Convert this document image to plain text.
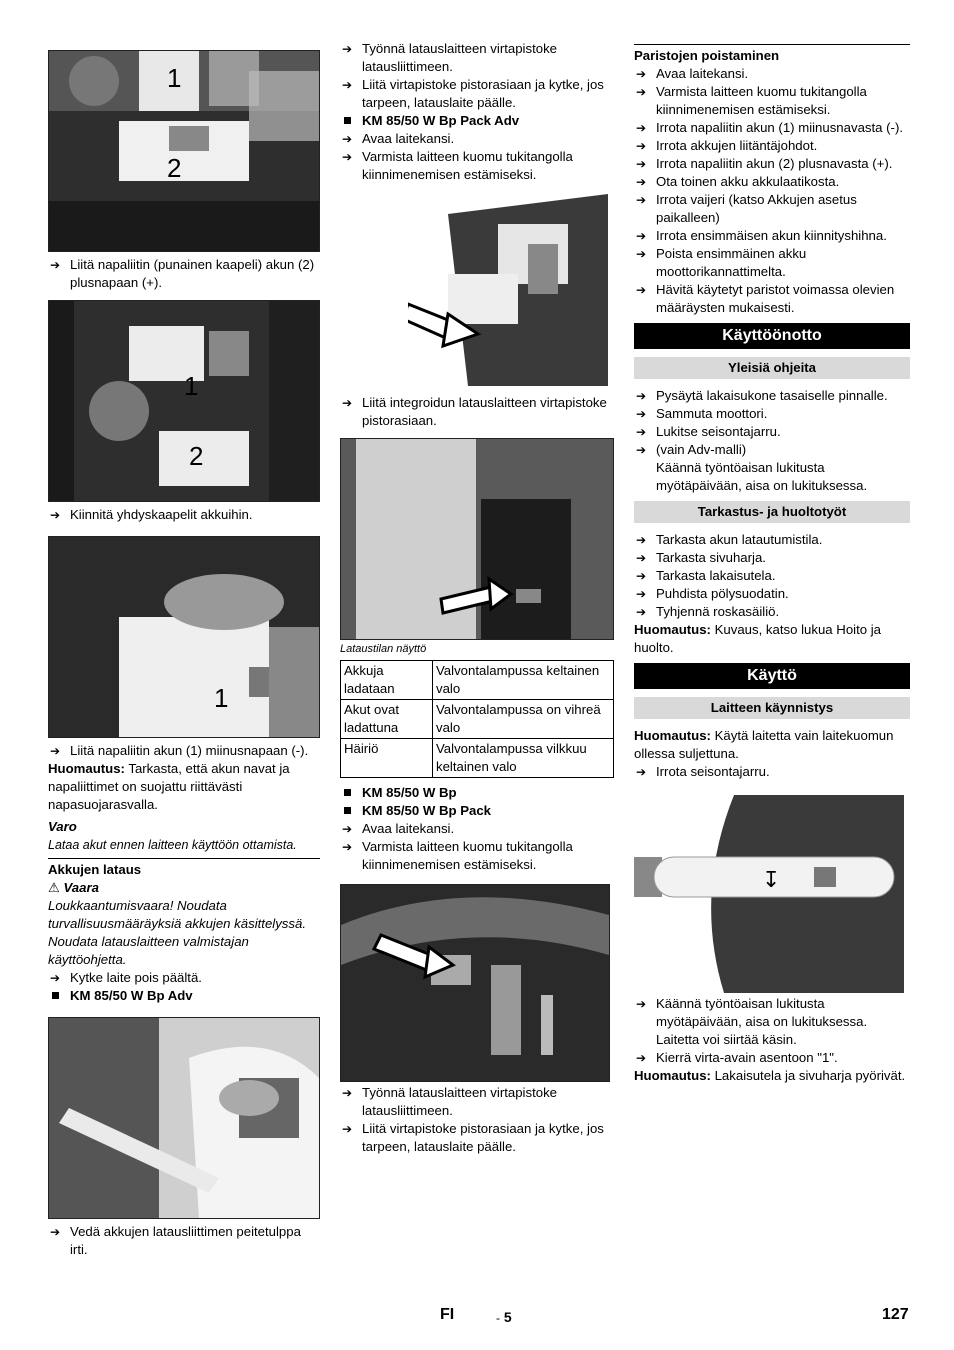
1
2

➔ Liitä napaliitin (punainen kaapeli) akun (2) plusnapaan (+).

1
2

➔ Kiinnitä yhdyskaapelit akkuihin.

1

➔ Liitä napaliitin akun (1) miinusnapaan (-).

Huomautus: Tarkasta, että akun navat ja napaliittimet on suojattu riittävästi napasuojarasvalla.

Varo

Lataa akut ennen laitteen käyttöön ottamista.

Akkujen lataus

⚠ Vaara

Loukkaantumisvaara! Noudata turvallisuusmääräyksiä akkujen käsittelyssä. Noudata latauslaitteen valmistajan käyttöohjetta.

➔ Kytke laite pois päältä.

KM 85/50 W Bp Adv

➔ Vedä akkujen latausliittimen peitetulppa irti.

➔ Työnnä latauslaitteen virtapistoke latausliittimeen.

➔ Liitä virtapistoke pistorasiaan ja kytke, jos tarpeen, latauslaite päälle.

KM 85/50 W Bp Pack Adv

➔ Avaa laitekansi.

➔ Varmista laitteen kuomu tukitangolla kiinnimenemisen estämiseksi.

➔ Liitä integroidun latauslaitteen virtapistoke pistorasiaan.

Lataustilan näyttö

Akkuja ladataan	Valvontalampussa keltainen valo
Akut ovat ladattuna	Valvontalampussa on vihreä valo
Häiriö	Valvontalampussa vilkkuu keltainen valo

KM 85/50 W Bp

KM 85/50 W Bp Pack

➔ Avaa laitekansi.

➔ Varmista laitteen kuomu tukitangolla kiinnimenemisen estämiseksi.

➔ Työnnä latauslaitteen virtapistoke latausliittimeen.

➔ Liitä virtapistoke pistorasiaan ja kytke, jos tarpeen, latauslaite päälle.

Paristojen poistaminen

➔ Avaa laitekansi.

➔ Varmista laitteen kuomu tukitangolla kiinnimenemisen estämiseksi.

➔ Irrota napaliitin akun (1) miinusnavasta (-).

➔ Irrota akkujen liitäntäjohdot.

➔ Irrota napaliitin akun (2) plusnavasta (+).

➔ Ota toinen akku akkulaatikosta.

➔ Irrota vaijeri (katso Akkujen asetus paikalleen)

➔ Irrota ensimmäisen akun kiinnityshihna.

➔ Poista ensimmäinen akku moottorikannattimelta.

➔ Hävitä käytetyt paristot voimassa olevien määräysten mukaisesti.

Käyttöönotto
Yleisiä ohjeita

➔ Pysäytä lakaisukone tasaiselle pinnalle.

➔ Sammuta moottori.

➔ Lukitse seisontajarru.

➔ (vain Adv-malli)

Käännä työntöaisan lukitusta myötäpäivään, aisa on lukituksessa.

Tarkastus- ja huoltotyöt

➔ Tarkasta akun latautumistila.

➔ Tarkasta sivuharja.

➔ Tarkasta lakaisutela.

➔ Puhdista pölysuodatin.

➔ Tyhjennä roskasäiliö.

Huomautus: Kuvaus, katso lukua Hoito ja huolto.

Käyttö
Laitteen käynnistys

Huomautus: Käytä laitetta vain laitekuomun ollessa suljettuna.

➔ Irrota seisontajarru.

↧

➔ Käännä työntöaisan lukitusta myötäpäivään, aisa on lukituksessa.

Laitetta voi siirtää käsin.

➔ Kierrä virta-avain asentoon "1".

Huomautus: Lakaisutela ja sivuharja pyörivät.

FI	- 5	127
